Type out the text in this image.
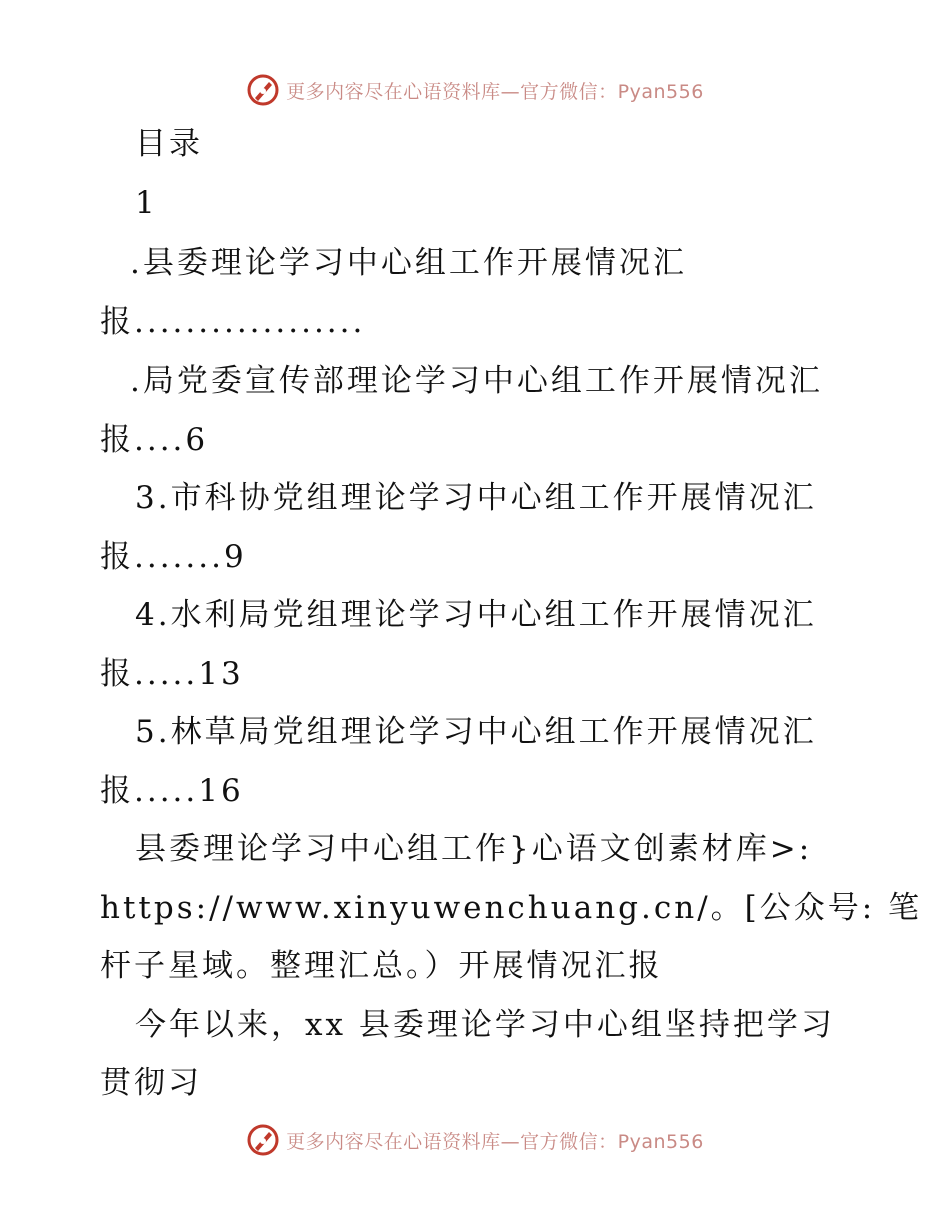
更多内容尽在心语资料库—官方微信：Pyan556
目录
1
.县委理论学习中心组工作开展情况汇
报..................
.局党委宣传部理论学习中心组工作开展情况汇
报....6
3.市科协党组理论学习中心组工作开展情况汇
报.......9
4.水利局党组理论学习中心组工作开展情况汇
报.....13
5.林草局党组理论学习中心组工作开展情况汇
报.....16
县委理论学习中心组工作}心语文创素材库>:
https://www.xinyuwenchuang.cn/。[公众号: 笔
杆子星域。整理汇总。）开展情况汇报
今年以来，xx 县委理论学习中心组坚持把学习
贯彻习
更多内容尽在心语资料库—官方微信：Pyan556
